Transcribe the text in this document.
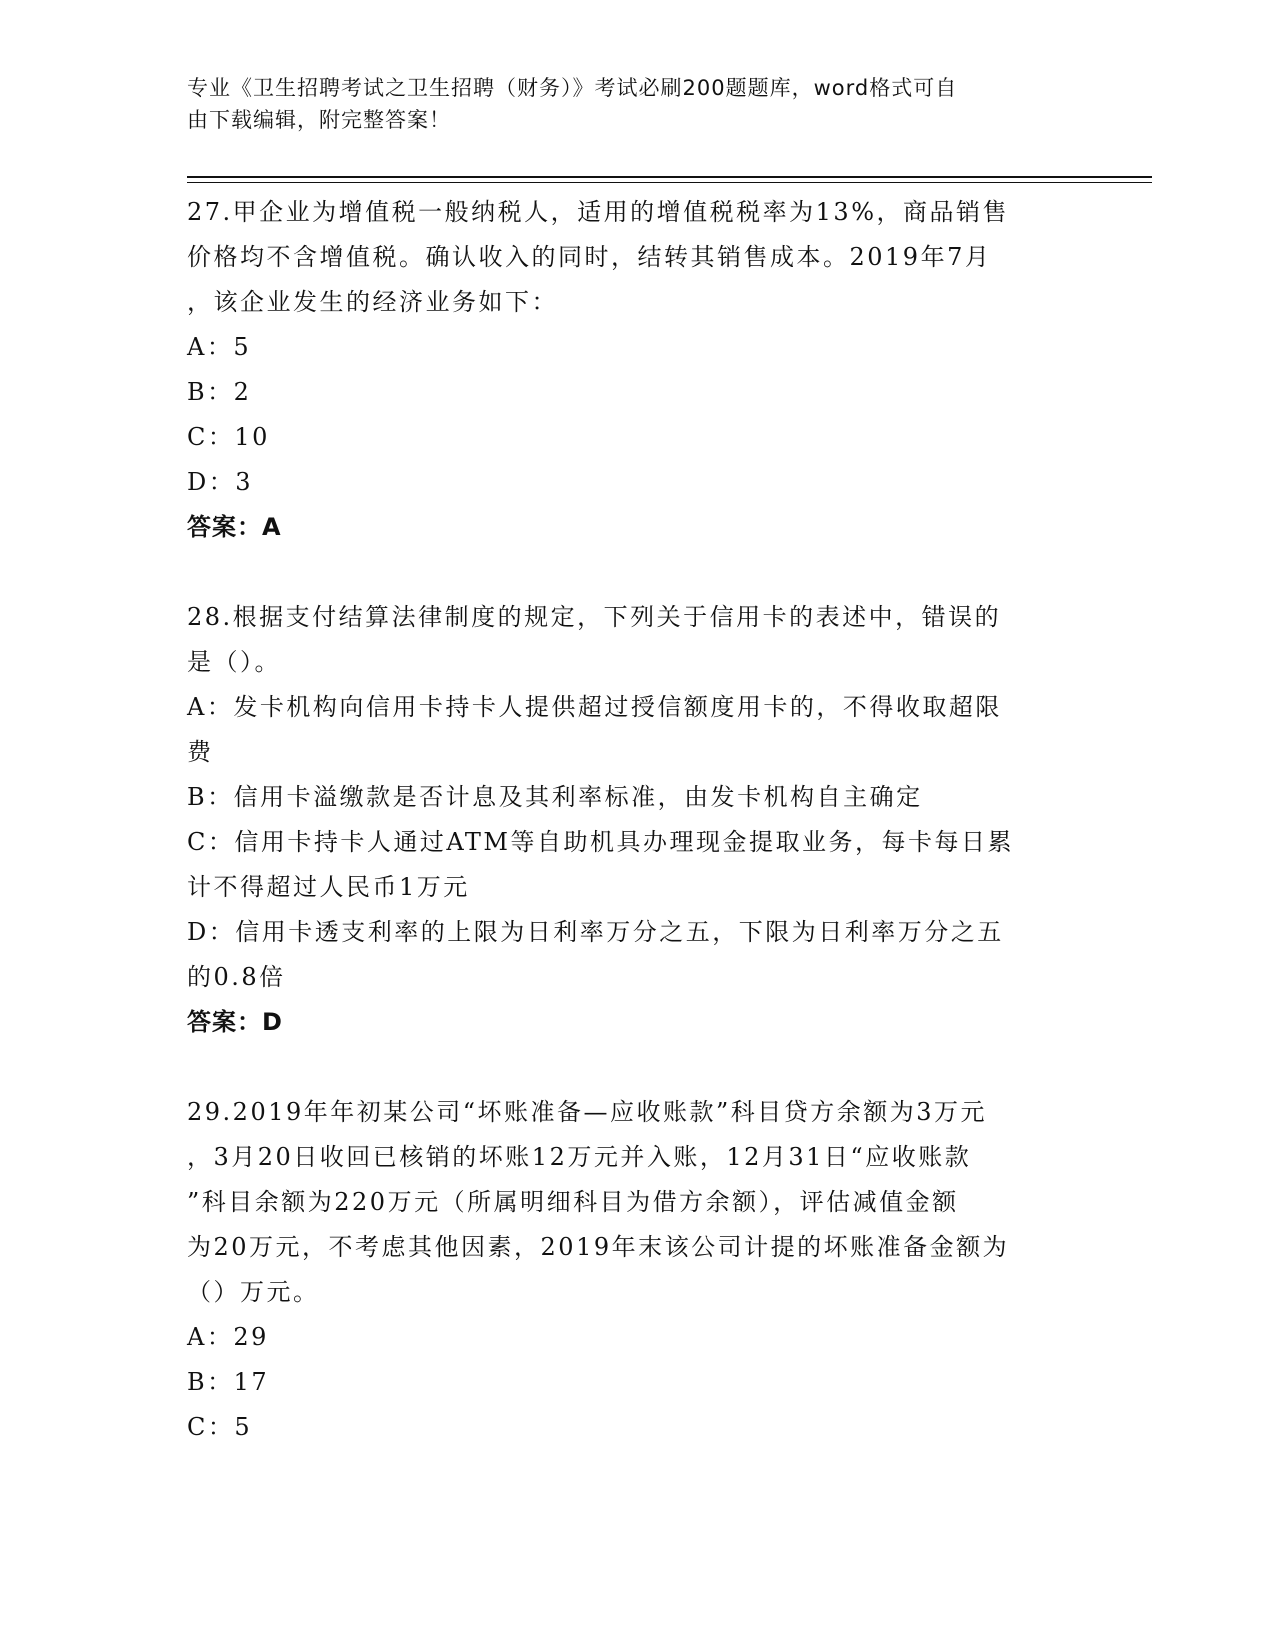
专业《卫生招聘考试之卫生招聘（财务）》考试必刷200题题库，word格式可自
由下载编辑，附完整答案！
27.甲企业为增值税一般纳税人，适用的增值税税率为13%，商品销售
价格均不含增值税。确认收入的同时，结转其销售成本。2019年7月
，该企业发生的经济业务如下：
A：5
B：2
C：10
D：3
答案：A
28.根据支付结算法律制度的规定，下列关于信用卡的表述中，错误的
是（）。
A：发卡机构向信用卡持卡人提供超过授信额度用卡的，不得收取超限
费
B：信用卡溢缴款是否计息及其利率标准，由发卡机构自主确定
C：信用卡持卡人通过ATM等自助机具办理现金提取业务，每卡每日累
计不得超过人民币1万元
D：信用卡透支利率的上限为日利率万分之五，下限为日利率万分之五
的0.8倍
答案：D
29.2019年年初某公司“坏账准备—应收账款”科目贷方余额为3万元
，3月20日收回已核销的坏账12万元并入账，12月31日“应收账款
”科目余额为220万元（所属明细科目为借方余额），评估减值金额
为20万元，不考虑其他因素，2019年末该公司计提的坏账准备金额为
（）万元。
A：29
B：17
C：5
